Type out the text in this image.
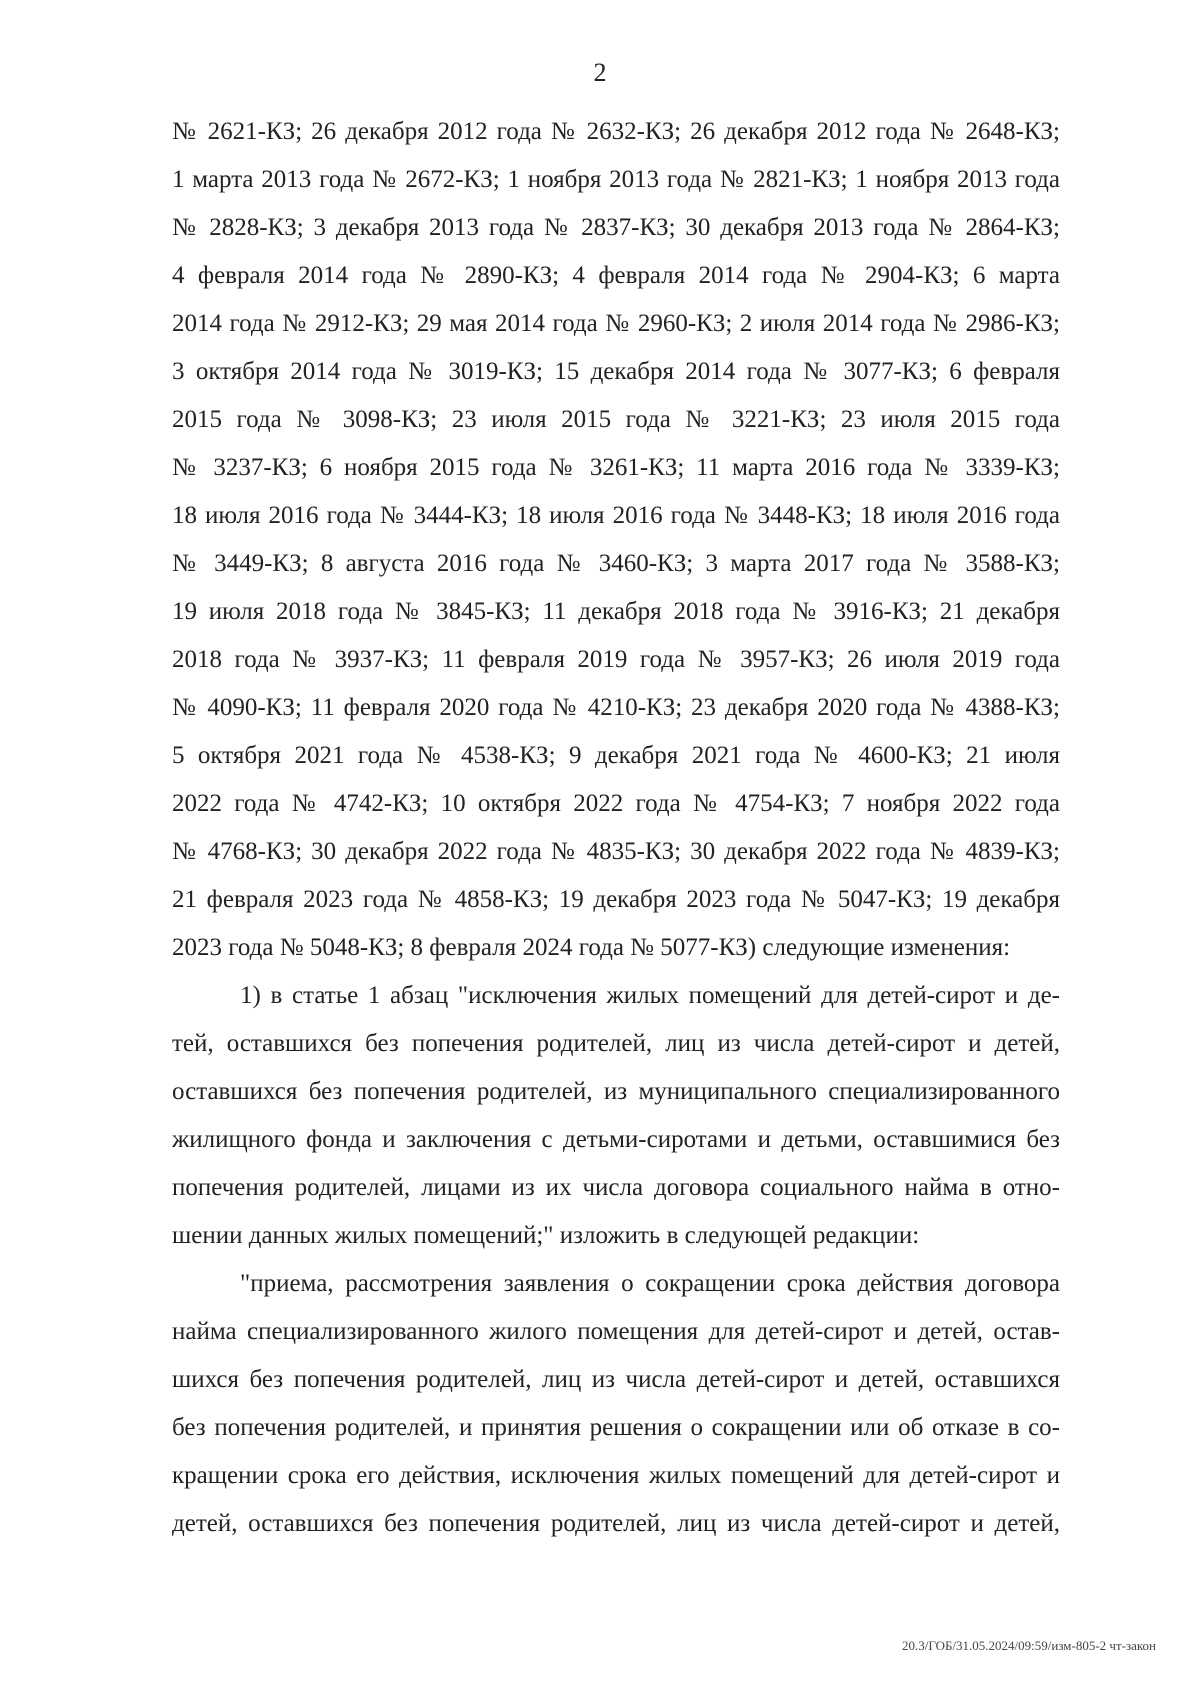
2
№ 2621-КЗ; 26 декабря 2012 года № 2632-КЗ; 26 декабря 2012 года № 2648-КЗ;
1 марта 2013 года № 2672-КЗ; 1 ноября 2013 года № 2821-КЗ; 1 ноября 2013 года
№ 2828-КЗ; 3 декабря 2013 года № 2837-КЗ; 30 декабря 2013 года № 2864-КЗ;
4 февраля 2014 года № 2890-КЗ; 4 февраля 2014 года № 2904-КЗ; 6 марта
2014 года № 2912-КЗ; 29 мая 2014 года № 2960-КЗ; 2 июля 2014 года № 2986-КЗ;
3 октября 2014 года № 3019-КЗ; 15 декабря 2014 года № 3077-КЗ; 6 февраля
2015 года № 3098-КЗ; 23 июля 2015 года № 3221-КЗ; 23 июля 2015 года
№ 3237-КЗ; 6 ноября 2015 года № 3261-КЗ; 11 марта 2016 года № 3339-КЗ;
18 июля 2016 года № 3444-КЗ; 18 июля 2016 года № 3448-КЗ; 18 июля 2016 года
№ 3449-КЗ; 8 августа 2016 года № 3460-КЗ; 3 марта 2017 года № 3588-КЗ;
19 июля 2018 года № 3845-КЗ; 11 декабря 2018 года № 3916-КЗ; 21 декабря
2018 года № 3937-КЗ; 11 февраля 2019 года № 3957-КЗ; 26 июля 2019 года
№ 4090-КЗ; 11 февраля 2020 года № 4210-КЗ; 23 декабря 2020 года № 4388-КЗ;
5 октября 2021 года № 4538-КЗ; 9 декабря 2021 года № 4600-КЗ; 21 июля
2022 года № 4742-КЗ; 10 октября 2022 года № 4754-КЗ; 7 ноября 2022 года
№ 4768-КЗ; 30 декабря 2022 года № 4835-КЗ; 30 декабря 2022 года № 4839-КЗ;
21 февраля 2023 года № 4858-КЗ; 19 декабря 2023 года № 5047-КЗ; 19 декабря
2023 года № 5048-КЗ; 8 февраля 2024 года № 5077-КЗ) следующие изменения:
1) в статье 1 абзац "исключения жилых помещений для детей-сирот и де-
тей, оставшихся без попечения родителей, лиц из числа детей-сирот и детей,
оставшихся без попечения родителей, из муниципального специализированного
жилищного фонда и заключения с детьми-сиротами и детьми, оставшимися без
попечения родителей, лицами из их числа договора социального найма в отно-
шении данных жилых помещений;" изложить в следующей редакции:
"приема, рассмотрения заявления о сокращении срока действия договора
найма специализированного жилого помещения для детей-сирот и детей, остав-
шихся без попечения родителей, лиц из числа детей-сирот и детей, оставшихся
без попечения родителей, и принятия решения о сокращении или об отказе в со-
кращении срока его действия, исключения жилых помещений для детей-сирот и
детей, оставшихся без попечения родителей, лиц из числа детей-сирот и детей,
20.3/ГОБ/31.05.2024/09:59/изм-805-2 чт-закон
